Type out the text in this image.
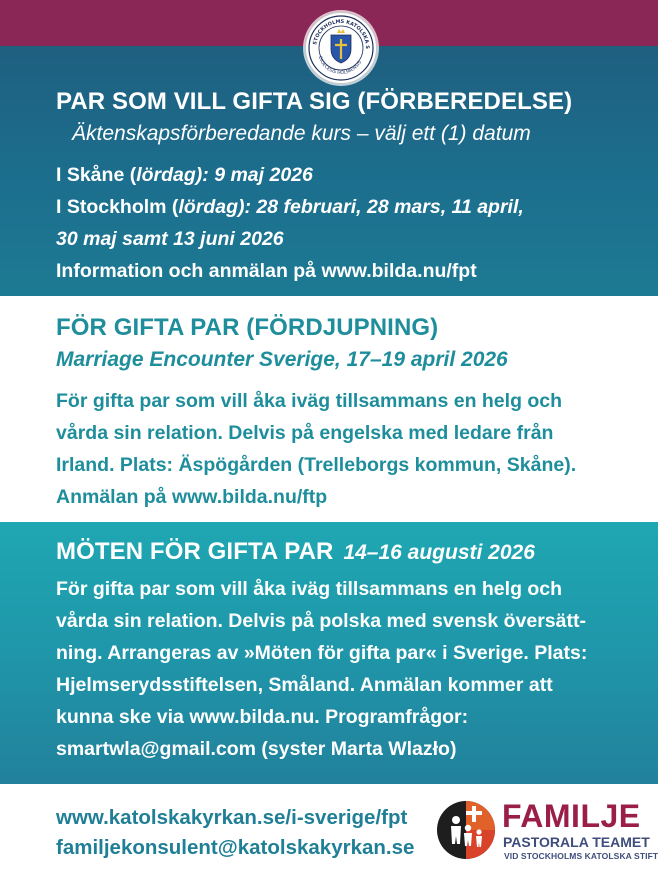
STOCKHOLMS KATOLSKA S
DIOECESIS HOLMIENSIS
PAR SOM VILL GIFTA SIG (FÖRBEREDELSE)
Äktenskapsförberedande kurs – välj ett (1) datum
I Skåne (lördag): 9 maj 2026
I Stockholm (lördag): 28 februari, 28 mars, 11 april,
30 maj samt 13 juni 2026
Information och anmälan på www.bilda.nu/fpt
FÖR GIFTA PAR (FÖRDJUPNING)
Marriage Encounter Sverige, 17–19 april 2026
För gifta par som vill åka iväg tillsammans en helg och
vårda sin relation. Delvis på engelska med ledare från
Irland. Plats: Äspögården (Trelleborgs kommun, Skåne).
Anmälan på www.bilda.nu/ftp
MÖTEN FÖR GIFTA PAR 14–16 augusti 2026
För gifta par som vill åka iväg tillsammans en helg och
vårda sin relation. Delvis på polska med svensk översätt-
ning. Arrangeras av »Möten för gifta par« i Sverige. Plats:
Hjelmserydsstiftelsen, Småland. Anmälan kommer att
kunna ske via www.bilda.nu. Programfrågor:
smartwla@gmail.com (syster Marta Wlazło)
www.katolskakyrkan.se/i-sverige/fpt
familjekonsulent@katolskakyrkan.se
FAMILJE
PASTORALA TEAMET
VID STOCKHOLMS KATOLSKA STIFT
